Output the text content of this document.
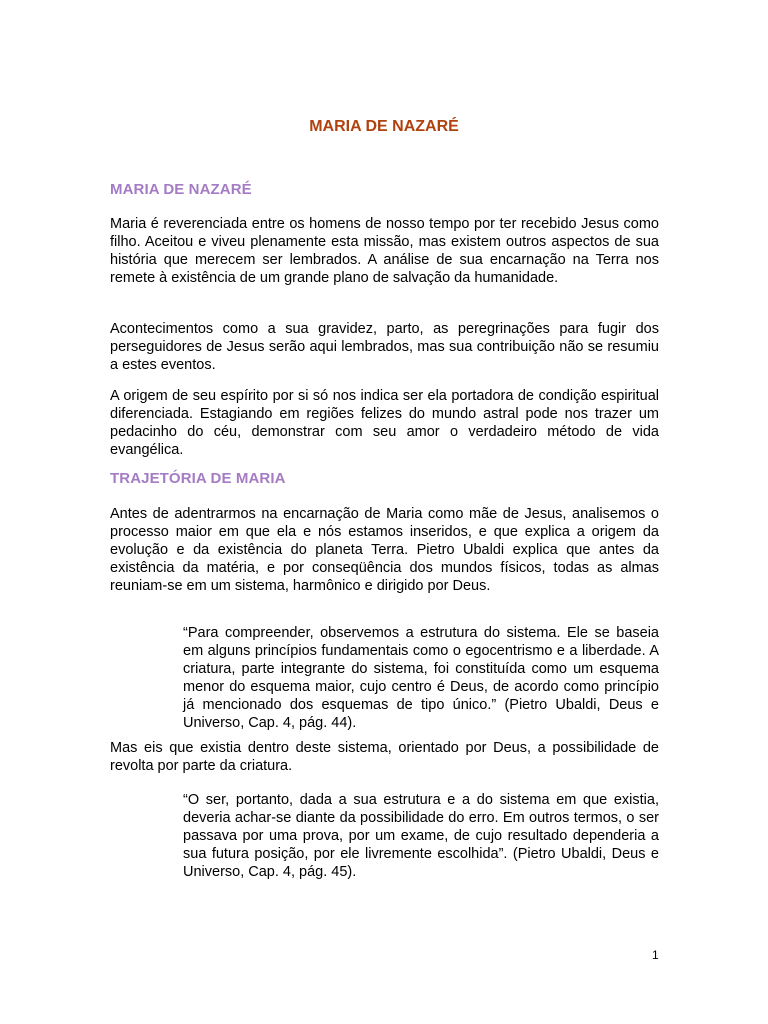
MARIA DE NAZARÉ
MARIA DE NAZARÉ

Maria é reverenciada entre os homens de nosso tempo por ter recebido Jesus como filho. Aceitou e viveu plenamente esta missão, mas existem outros aspectos de sua história que merecem ser lembrados. A análise de sua encarnação na Terra nos remete à existência de um grande plano de salvação da humanidade.

Acontecimentos como a sua gravidez, parto, as peregrinações para fugir dos perseguidores de Jesus serão aqui lembrados, mas sua contribuição não se resumiu a estes eventos.

A origem de seu espírito por si só nos indica ser ela portadora de condição espiritual diferenciada. Estagiando em regiões felizes do mundo astral pode nos trazer um pedacinho do céu, demonstrar com seu amor o verdadeiro método de vida evangélica.

TRAJETÓRIA DE MARIA

Antes de adentrarmos na encarnação de Maria como mãe de Jesus, analisemos o processo maior em que ela e nós estamos inseridos, e que explica a origem da evolução e da existência do planeta Terra. Pietro Ubaldi explica que antes da existência da matéria, e por conseqüência dos mundos físicos, todas as almas reuniam-se em um sistema, harmônico e dirigido por Deus.

“Para compreender, observemos a estrutura do sistema. Ele se baseia em alguns princípios fundamentais como o egocentrismo e a liberdade. A criatura, parte integrante do sistema, foi constituída como um esquema menor do esquema maior, cujo centro é Deus, de acordo como princípio já mencionado dos esquemas de tipo único.” (Pietro Ubaldi, Deus e Universo, Cap. 4, pág. 44).

Mas eis que existia dentro deste sistema, orientado por Deus, a possibilidade de revolta por parte da criatura.

“O ser, portanto, dada a sua estrutura e a do sistema em que existia, deveria achar-se diante da possibilidade do erro. Em outros termos, o ser passava por uma prova, por um exame, de cujo resultado dependeria a sua futura posição, por ele livremente escolhida”. (Pietro Ubaldi, Deus e Universo, Cap. 4, pág. 45).

1
